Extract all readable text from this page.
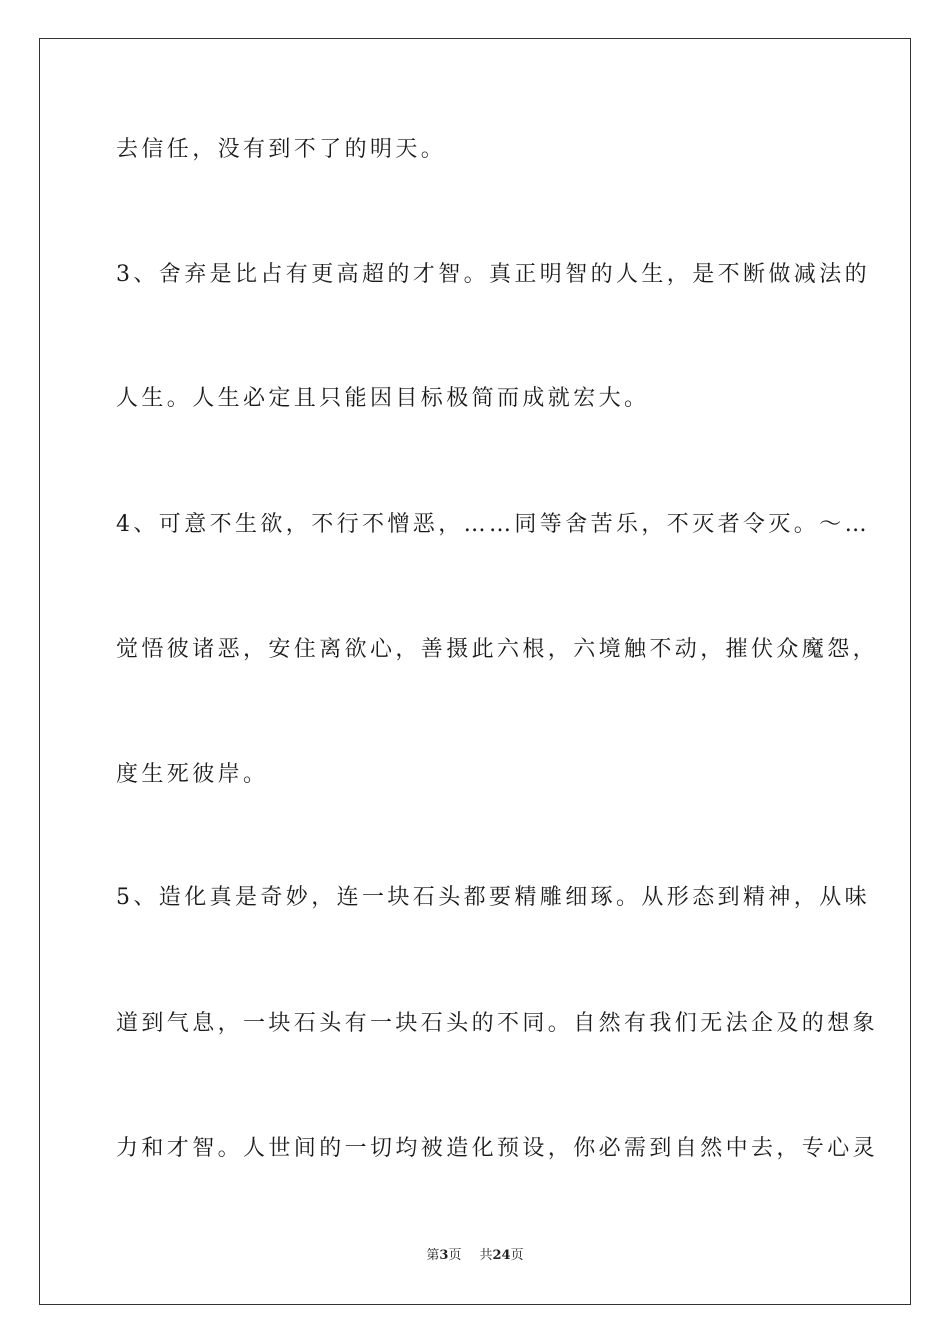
去信任，没有到不了的明天。
3、舍弃是比占有更高超的才智。真正明智的人生，是不断做减法的
人生。人生必定且只能因目标极简而成就宏大。
4、可意不生欲，不行不憎恶，……同等舍苦乐，不灭者令灭。～…
觉悟彼诸恶，安住离欲心，善摄此六根，六境触不动，摧伏众魔怨，
度生死彼岸。
5、造化真是奇妙，连一块石头都要精雕细琢。从形态到精神，从味
道到气息，一块石头有一块石头的不同。自然有我们无法企及的想象
力和才智。人世间的一切均被造化预设，你必需到自然中去，专心灵
第3页 共24页
